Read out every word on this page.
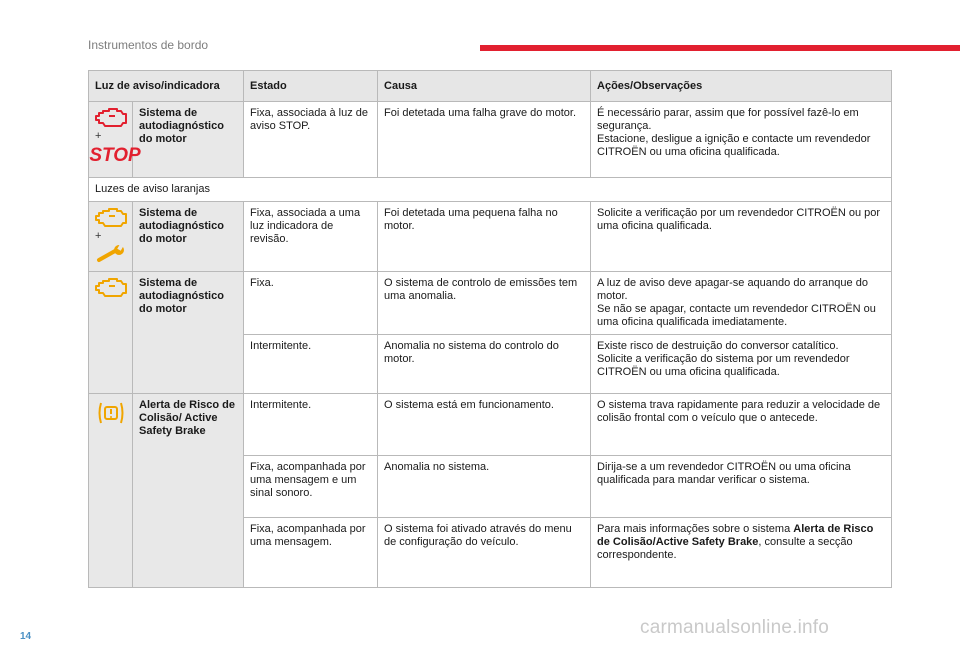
Instrumentos de bordo
Luz de aviso/indicadora		Estado	Causa	Ações/Observações

+
STOP	Sistema de autodiagnóstico do motor	Fixa, associada à luz de aviso STOP.	Foi detetada uma falha grave do motor.	É necessário parar, assim que for possível fazê-lo em segurança.
Estacione, desligue a ignição e contacte um revendedor CITROËN ou uma oficina qualificada.
Luzes de aviso laranjas				

+	Sistema de autodiagnóstico do motor	Fixa, associada a uma luz indicadora de revisão.	Foi detetada uma pequena falha no motor.	Solicite a verificação por um revendedor CITROËN ou por uma oficina qualificada.

	Sistema de autodiagnóstico do motor	Fixa.	O sistema de controlo de emissões tem uma anomalia.	A luz de aviso deve apagar-se aquando do arranque do motor.
Se não se apagar, contacte um revendedor CITROËN ou uma oficina qualificada imediatamente.
		Intermitente.	Anomalia no sistema do controlo do motor.	Existe risco de destruição do conversor catalítico.
Solicite a verificação do sistema por um revendedor CITROËN ou uma oficina qualificada.

	Alerta de Risco de Colisão/ Active Safety Brake	Intermitente.	O sistema está em funcionamento.	O sistema trava rapidamente para reduzir a velocidade de colisão frontal com o veículo que o antecede.
		Fixa, acompanhada por uma mensagem e um sinal sonoro.	Anomalia no sistema.	Dirija-se a um revendedor CITROËN ou uma oficina qualificada para mandar verificar o sistema.
		Fixa, acompanhada por uma mensagem.	O sistema foi ativado através do menu de configuração do veículo.	Para mais informações sobre o sistema Alerta de Risco de Colisão/Active Safety Brake, consulte a secção correspondente.
14	carmanualsonline.info
